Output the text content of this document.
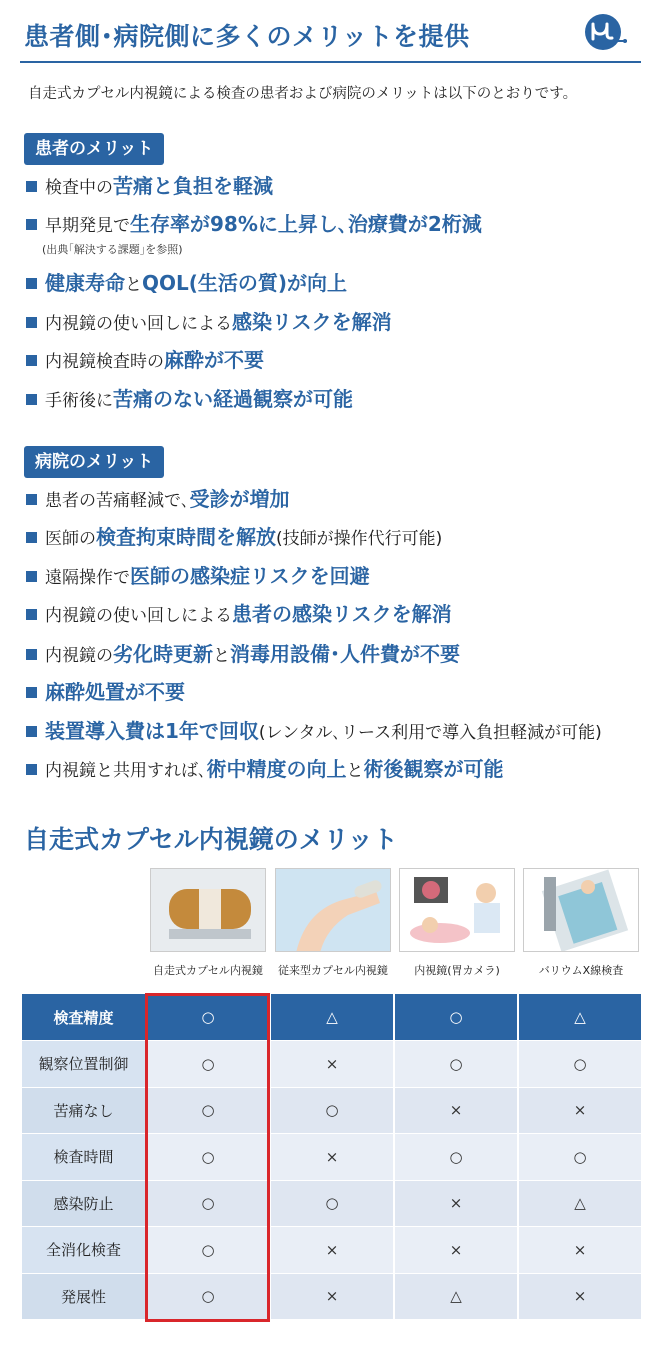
患者側･病院側に多くのメリットを提供
自走式カプセル内視鏡による検査の患者および病院のメリットは以下のとおりです。
患者のメリット
検査中の苦痛と負担を軽減
早期発見で生存率が98%に上昇し､治療費が2桁減
健康寿命とQOL(生活の質)が向上
内視鏡の使い回しによる感染リスクを解消
内視鏡検査時の麻酔が不要
手術後に苦痛のない経過観察が可能
(出典｢解決する課題｣を参照)
病院のメリット
患者の苦痛軽減で､受診が増加
医師の検査拘束時間を解放(技師が操作代行可能)
遠隔操作で医師の感染症リスクを回避
内視鏡の使い回しによる患者の感染リスクを解消
内視鏡の劣化時更新と消毒用設備･人件費が不要
麻酔処置が不要
装置導入費は1年で回収(レンタル､リース利用で導入負担軽減が可能)
内視鏡と共用すれば､術中精度の向上と術後観察が可能
自走式カプセル内視鏡のメリット
自走式カプセル内視鏡	従来型カプセル内視鏡	内視鏡(胃カメラ)	バリウムX線検査
検査精度	○	△	○	△
観察位置制御	○	×	○	○
苦痛なし	○	○	×	×
検査時間	○	×	○	○
感染防止	○	○	×	△
全消化検査	○	×	×	×
発展性	○	×	△	×
